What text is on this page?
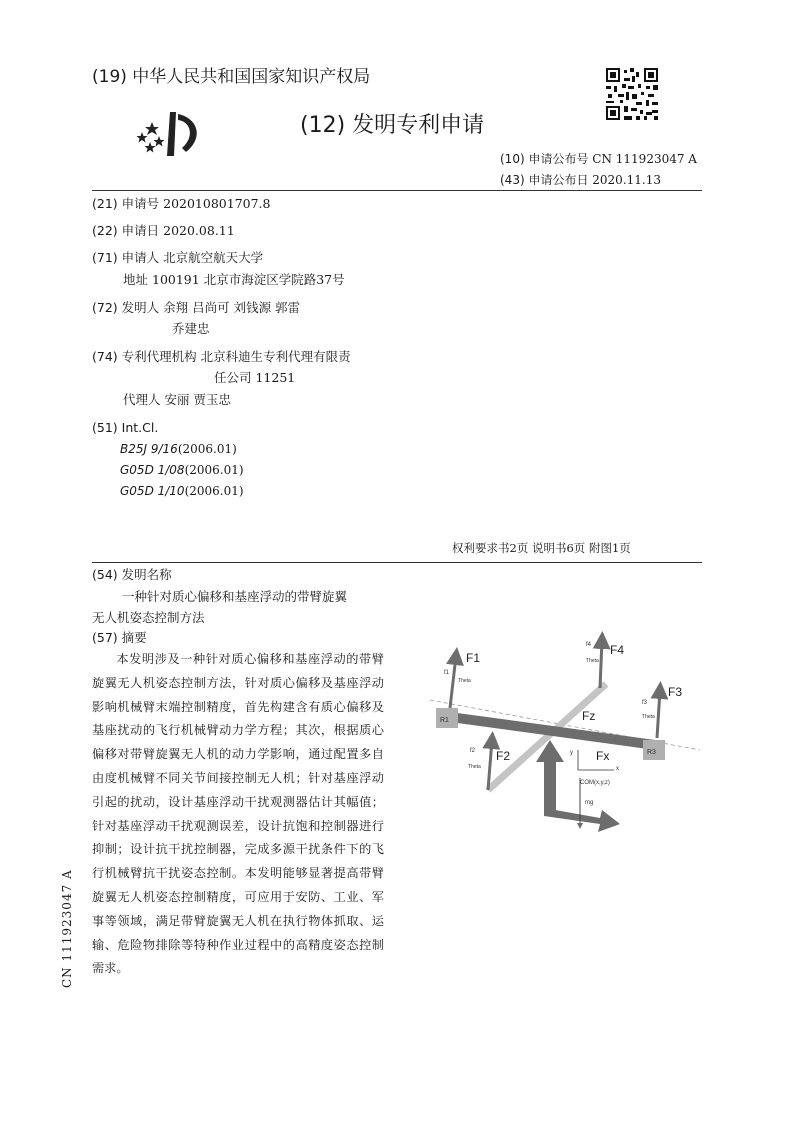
(19) 中华人民共和国国家知识产权局
(12) 发明专利申请
(10) 申请公布号 CN 111923047 A
(43) 申请公布日 2020.11.13
(21) 申请号 202010801707.8
(22) 申请日 2020.08.11
(71) 申请人 北京航空航天大学
地址 100191 北京市海淀区学院路37号
(72) 发明人 余翔 吕尚可 刘钱源 郭雷
乔建忠
(74) 专利代理机构 北京科迪生专利代理有限责
任公司 11251
代理人 安丽 贾玉忠
(51) Int.Cl.
B25J 9/16(2006.01)
G05D 1/08(2006.01)
G05D 1/10(2006.01)
权利要求书2页 说明书6页 附图1页
(54) 发明名称
一种针对质心偏移和基座浮动的带臂旋翼
无人机姿态控制方法
(57) 摘要
本发明涉及一种针对质心偏移和基座浮动的带臂旋翼无人机姿态控制方法，针对质心偏移及基座浮动影响机械臂末端控制精度，首先构建含有质心偏移及基座扰动的飞行机械臂动力学方程；其次，根据质心偏移对带臂旋翼无人机的动力学影响，通过配置多自由度机械臂不同关节间接控制无人机；针对基座浮动引起的扰动，设计基座浮动干扰观测器估计其幅值；针对基座浮动干扰观测误差，设计抗饱和控制器进行抑制；设计抗干扰控制器，完成多源干扰条件下的飞行机械臂抗干扰姿态控制。本发明能够显著提高带臂旋翼无人机姿态控制精度，可应用于安防、工业、军事等领域，满足带臂旋翼无人机在执行物体抓取、运输、危险物排除等特种作业过程中的高精度姿态控制需求。
CN 111923047 A
R1
R3
F1
f1
Theta
F4
f4
Theta
F3
f3
Theta
F2
f2
Theta
Fz
Fx
y
x
COM(x,y,z)
mg
